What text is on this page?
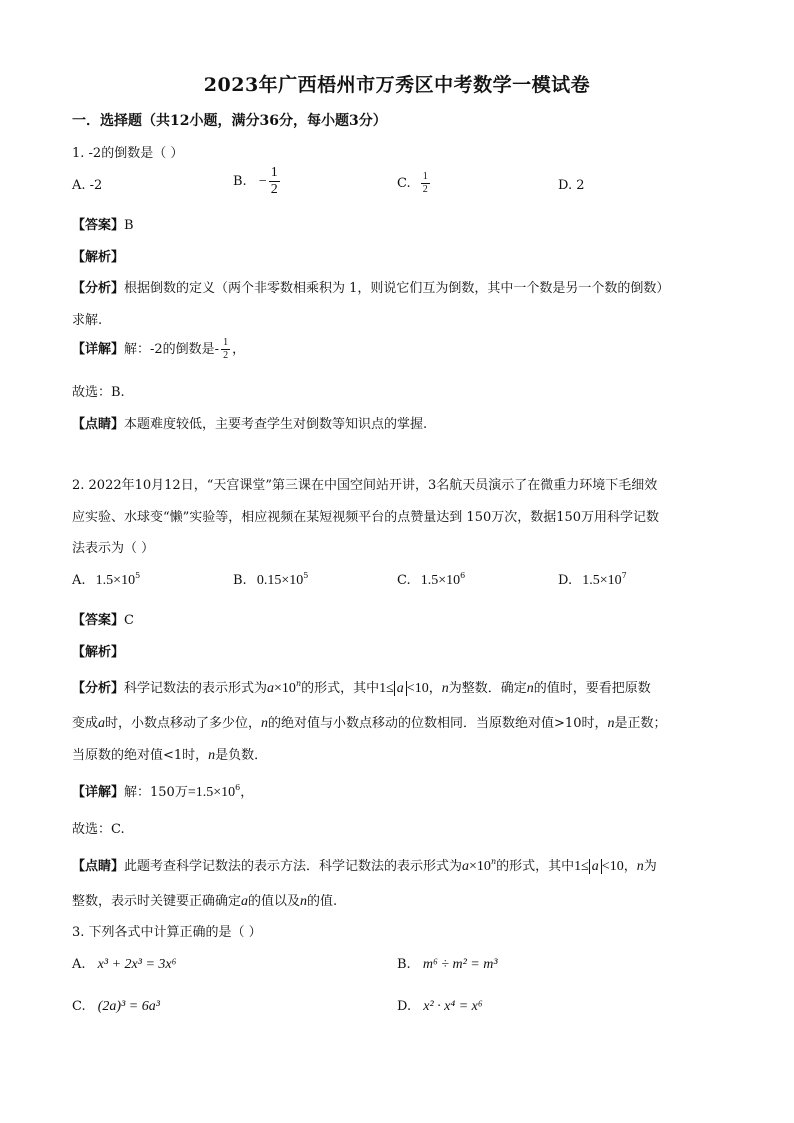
2023年广西梧州市万秀区中考数学一模试卷
一．选择题（共12小题，满分36分，每小题3分）
1. -2的倒数是（ ）
A. -2	B. − $\frac{1}{2}$	C. $\frac{1}{2}$	D. 2
【答案】B
【解析】
【分析】根据倒数的定义（两个非零数相乘积为 1，则说它们互为倒数，其中一个数是另一个数的倒数）
求解.
【详解】解：-2的倒数是- $\frac{1}{2}$ ，
故选：B.
【点睛】本题难度较低，主要考查学生对倒数等知识点的掌握.
2. 2022年10月12日，“天宫课堂”第三课在中国空间站开讲，3名航天员演示了在微重力环境下毛细效
应实验、水球变“懒”实验等，相应视频在某短视频平台的点赞量达到 150万次，数据150万用科学记数
法表示为（ ）
A. $1.5\times 10^5$	B. $0.15\times 10^5$	C. $1.5\times 10^6$	D. $1.5\times 10^7$
【答案】C
【解析】
【分析】科学记数法的表示形式为$a\times 10^n$的形式，其中1≤ a <10，n为整数．确定n的值时，要看把原数
变成a时，小数点移动了多少位，n的绝对值与小数点移动的位数相同．当原数绝对值>10时，n是正数；
当原数的绝对值<1时，n是负数．
【详解】解：150万$=1.5\times 10^6$，
故选：C.
【点睛】此题考查科学记数法的表示方法．科学记数法的表示形式为$a\times 10^n$的形式，其中1≤ a <10，n为
整数，表示时关键要正确确定a的值以及n的值.
3. 下列各式中计算正确的是（ ）
A. x³ + 2x³ = 3x⁶	B. m⁶ ÷ m² = m³
C. (2a)³ = 6a³	D. x² · x⁴ = x⁶
